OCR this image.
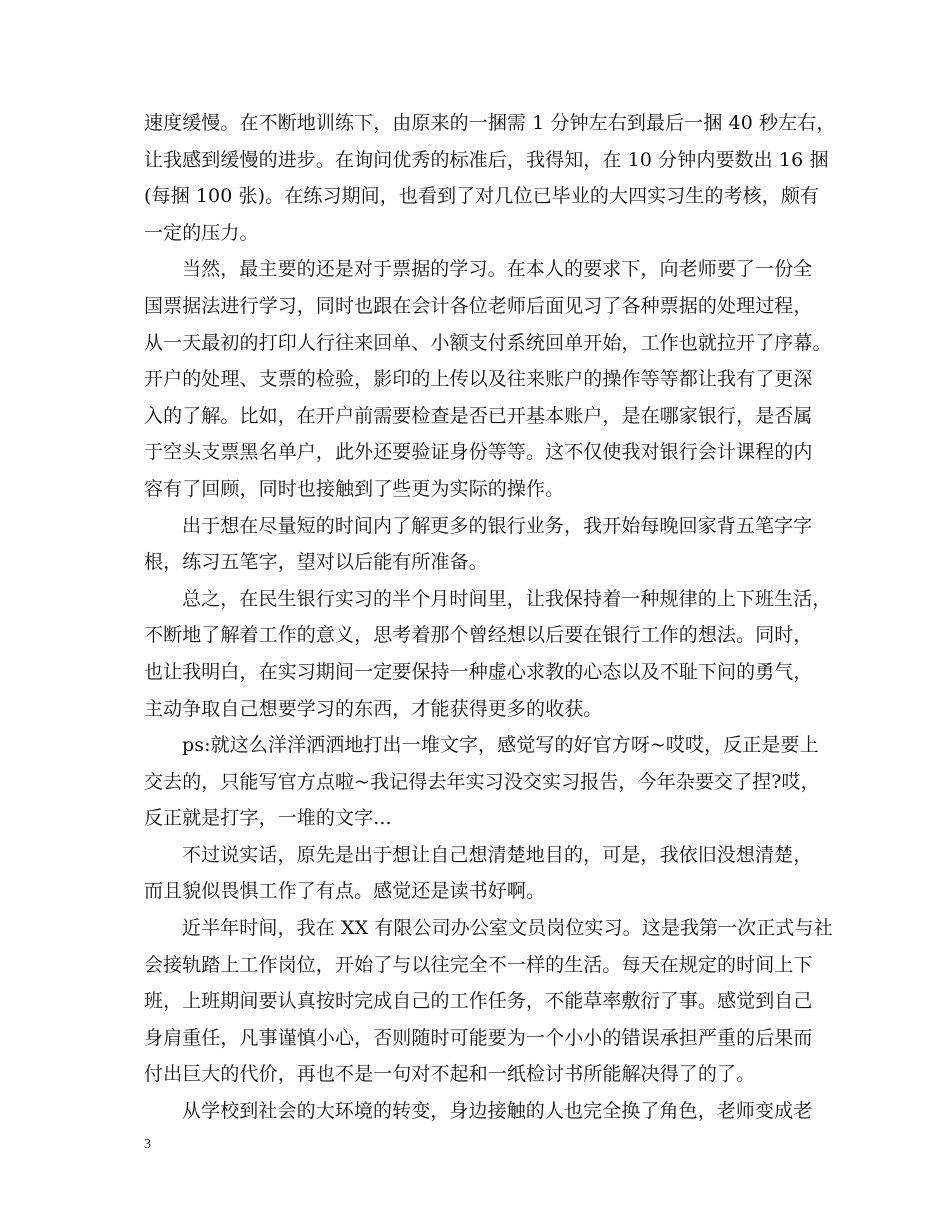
速度缓慢。在不断地训练下，由原来的一捆需 1 分钟左右到最后一捆 40 秒左右，
让我感到缓慢的进步。在询问优秀的标准后，我得知，在 10 分钟内要数出 16 捆
(每捆 100 张)。在练习期间，也看到了对几位已毕业的大四实习生的考核，颇有
一定的压力。
当然，最主要的还是对于票据的学习。在本人的要求下，向老师要了一份全
国票据法进行学习，同时也跟在会计各位老师后面见习了各种票据的处理过程，
从一天最初的打印人行往来回单、小额支付系统回单开始，工作也就拉开了序幕。
开户的处理、支票的检验，影印的上传以及往来账户的操作等等都让我有了更深
入的了解。比如，在开户前需要检查是否已开基本账户，是在哪家银行，是否属
于空头支票黑名单户，此外还要验证身份等等。这不仅使我对银行会计课程的内
容有了回顾，同时也接触到了些更为实际的操作。
出于想在尽量短的时间内了解更多的银行业务，我开始每晚回家背五笔字字
根，练习五笔字，望对以后能有所准备。
总之，在民生银行实习的半个月时间里，让我保持着一种规律的上下班生活，
不断地了解着工作的意义，思考着那个曾经想以后要在银行工作的想法。同时，
也让我明白，在实习期间一定要保持一种虚心求教的心态以及不耻下问的勇气，
主动争取自己想要学习的东西，才能获得更多的收获。
ps:就这么洋洋洒洒地打出一堆文字，感觉写的好官方呀~哎哎，反正是要上
交去的，只能写官方点啦~我记得去年实习没交实习报告，今年杂要交了捏?哎，
反正就是打字，一堆的文字...
不过说实话，原先是出于想让自己想清楚地目的，可是，我依旧没想清楚，
而且貌似畏惧工作了有点。感觉还是读书好啊。
近半年时间，我在 XX 有限公司办公室文员岗位实习。这是我第一次正式与社
会接轨踏上工作岗位，开始了与以往完全不一样的生活。每天在规定的时间上下
班，上班期间要认真按时完成自己的工作任务，不能草率敷衍了事。感觉到自己
身肩重任，凡事谨慎小心，否则随时可能要为一个小小的错误承担严重的后果而
付出巨大的代价，再也不是一句对不起和一纸检讨书所能解决得了的了。
从学校到社会的大环境的转变，身边接触的人也完全换了角色，老师变成老
3
